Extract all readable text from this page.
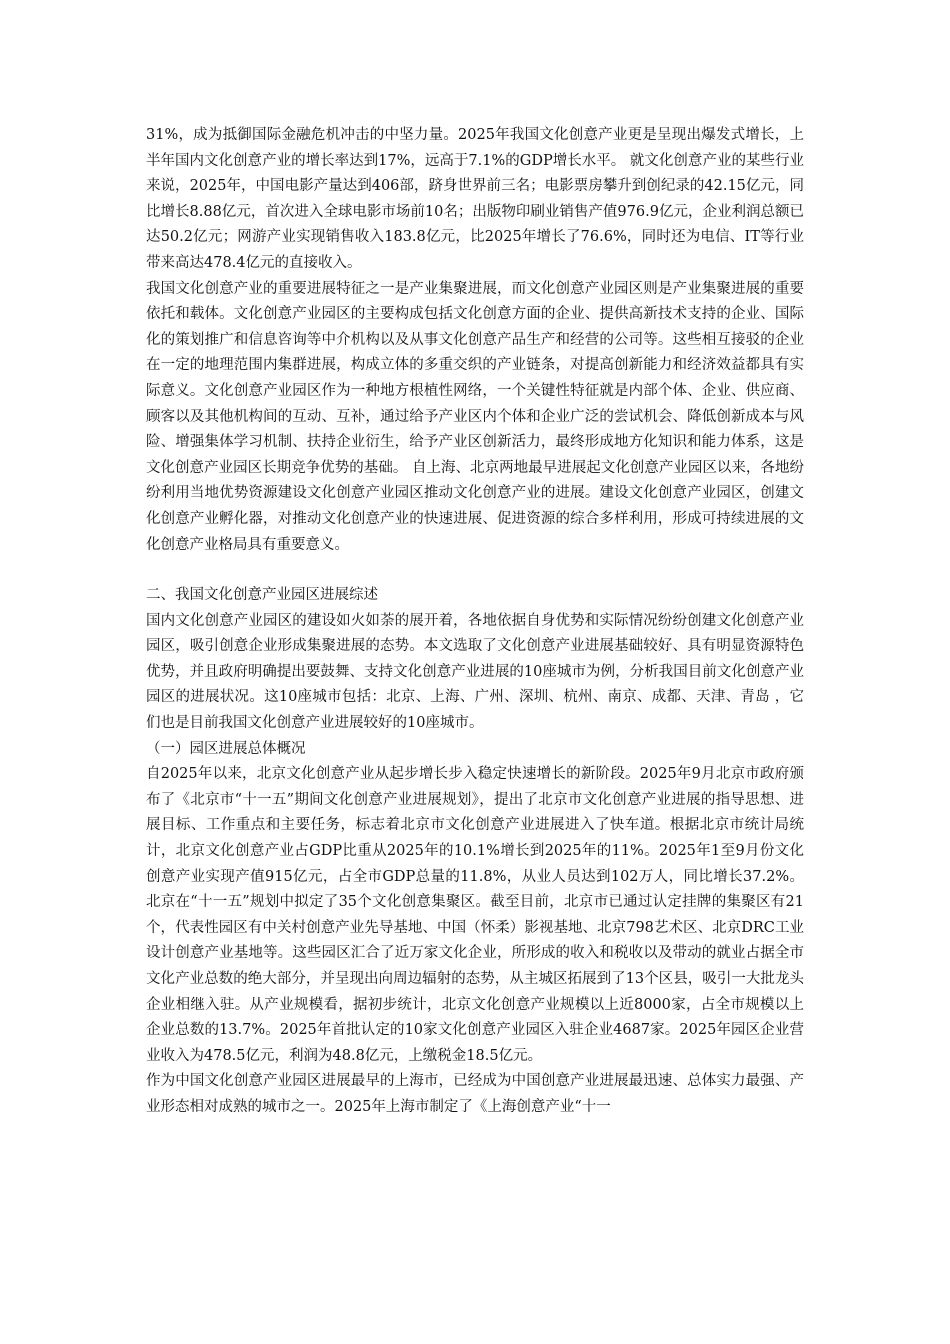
31%，成为抵御国际金融危机冲击的中坚力量。2025年我国文化创意产业更是呈现出爆发式增长，上半年国内文化创意产业的增长率达到17%，远高于7.1%的GDP增长水平。 就文化创意产业的某些行业来说，2025年，中国电影产量达到406部，跻身世界前三名；电影票房攀升到创纪录的42.15亿元，同比增长8.88亿元，首次进入全球电影市场前10名；出版物印刷业销售产值976.9亿元，企业利润总额已达50.2亿元；网游产业实现销售收入183.8亿元，比2025年增长了76.6%，同时还为电信、IT等行业带来高达478.4亿元的直接收入。

我国文化创意产业的重要进展特征之一是产业集聚进展，而文化创意产业园区则是产业集聚进展的重要依托和载体。文化创意产业园区的主要构成包括文化创意方面的企业、提供高新技术支持的企业、国际化的策划推广和信息咨询等中介机构以及从事文化创意产品生产和经营的公司等。这些相互接驳的企业在一定的地理范围内集群进展，构成立体的多重交织的产业链条，对提高创新能力和经济效益都具有实际意义。文化创意产业园区作为一种地方根植性网络，一个关键性特征就是内部个体、企业、供应商、顾客以及其他机构间的互动、互补，通过给予产业区内个体和企业广泛的尝试机会、降低创新成本与风险、增强集体学习机制、扶持企业衍生，给予产业区创新活力，最终形成地方化知识和能力体系，这是文化创意产业园区长期竞争优势的基础。 自上海、北京两地最早进展起文化创意产业园区以来，各地纷纷利用当地优势资源建设文化创意产业园区推动文化创意产业的进展。建设文化创意产业园区，创建文化创意产业孵化器，对推动文化创意产业的快速进展、促进资源的综合多样利用，形成可持续进展的文化创意产业格局具有重要意义。

二、我国文化创意产业园区进展综述

国内文化创意产业园区的建设如火如荼的展开着，各地依据自身优势和实际情况纷纷创建文化创意产业园区，吸引创意企业形成集聚进展的态势。本文选取了文化创意产业进展基础较好、具有明显资源特色优势，并且政府明确提出要鼓舞、支持文化创意产业进展的10座城市为例，分析我国目前文化创意产业园区的进展状况。这10座城市包括：北京、上海、广州、深圳、杭州、南京、成都、天津、青岛 ，它们也是目前我国文化创意产业进展较好的10座城市。

（一）园区进展总体概况

自2025年以来，北京文化创意产业从起步增长步入稳定快速增长的新阶段。2025年9月北京市政府颁布了《北京市“十一五”期间文化创意产业进展规划》，提出了北京市文化创意产业进展的指导思想、进展目标、工作重点和主要任务，标志着北京市文化创意产业进展进入了快车道。根据北京市统计局统计，北京文化创意产业占GDP比重从2025年的10.1%增长到2025年的11%。2025年1至9月份文化创意产业实现产值915亿元，占全市GDP总量的11.8%，从业人员达到102万人，同比增长37.2%。 北京在“十一五”规划中拟定了35个文化创意集聚区。截至目前，北京市已通过认定挂牌的集聚区有21个，代表性园区有中关村创意产业先导基地、中国（怀柔）影视基地、北京798艺术区、北京DRC工业设计创意产业基地等。这些园区汇合了近万家文化企业，所形成的收入和税收以及带动的就业占据全市文化产业总数的绝大部分，并呈现出向周边辐射的态势，从主城区拓展到了13个区县，吸引一大批龙头企业相继入驻。从产业规模看，据初步统计，北京文化创意产业规模以上近8000家，占全市规模以上企业总数的13.7%。2025年首批认定的10家文化创意产业园区入驻企业4687家。2025年园区企业营业收入为478.5亿元，利润为48.8亿元，上缴税金18.5亿元。

作为中国文化创意产业园区进展最早的上海市，已经成为中国创意产业进展最迅速、总体实力最强、产业形态相对成熟的城市之一。2025年上海市制定了《上海创意产业“十一
